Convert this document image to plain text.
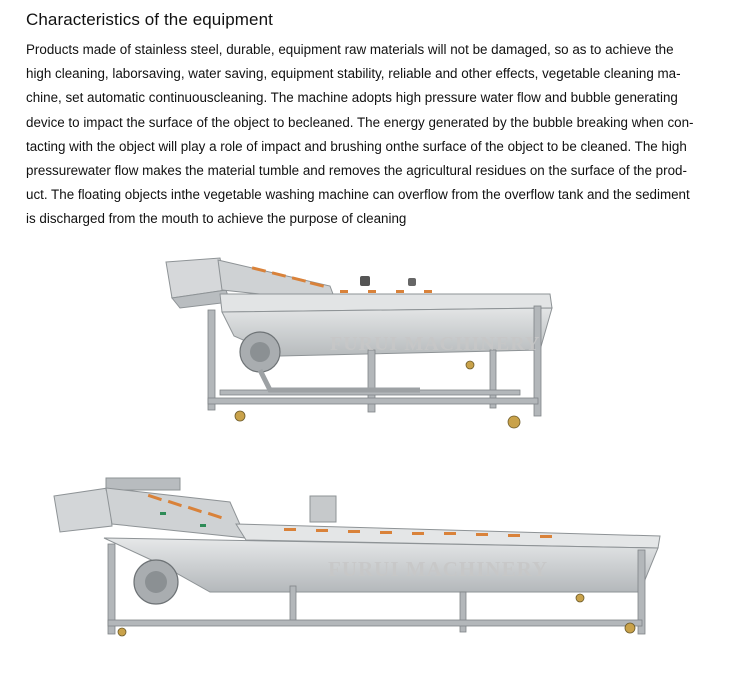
Characteristics of the equipment

Products made of stainless steel, durable, equipment raw materials will not be damaged, so as to achieve the
high cleaning, laborsaving, water saving, equipment stability, reliable and other effects, vegetable cleaning ma-
chine, set automatic continuouscleaning. The machine adopts high pressure water flow and bubble generating
device to impact the surface of the object to becleaned. The energy generated by the bubble breaking when con-
tacting with the object will play a role of impact and brushing onthe surface of the object to be cleaned. The high
pressurewater flow makes the material tumble and removes the agricultural residues on the surface of the prod-
uct. The floating objects inthe vegetable washing machine can overflow from the overflow tank and the sediment
is discharged from the mouth to achieve the purpose of cleaning

FURUI MACHINERY
FURUI MACHINERY
